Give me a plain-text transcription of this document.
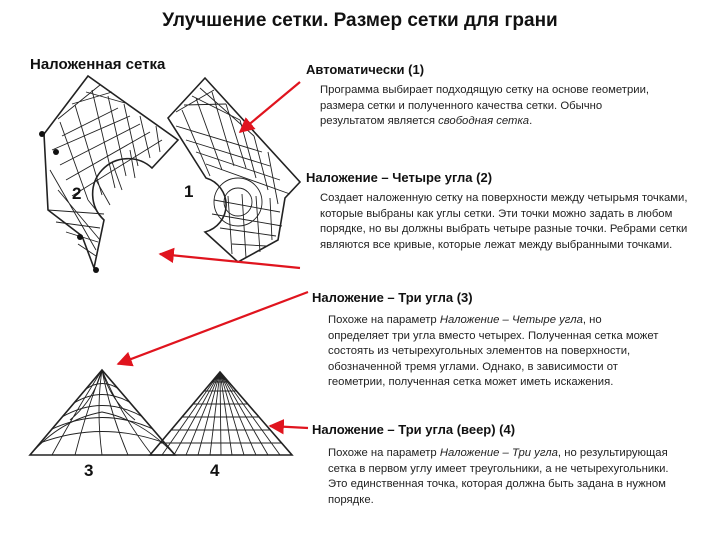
Улучшение сетки. Размер сетки для грани
Наложенная сетка
2	1
3	4
Автоматически (1)
Программа выбирает подходящую сетку на основе геометрии, размера сетки и полученного качества сетки. Обычно результатом является свободная сетка.
Наложение – Четыре угла (2)
Создает наложенную сетку на поверхности между четырьмя точками, которые выбраны как углы сетки. Эти точки можно задать в любом порядке, но вы должны выбрать четыре разные точки. Ребрами сетки являются все кривые, которые лежат между выбранными точками.
Наложение – Три угла (3)
Похоже на параметр Наложение – Четыре угла, но определяет три угла вместо четырех. Полученная сетка может состоять из четырехугольных элементов на поверхности, обозначенной тремя углами. Однако, в зависимости от геометрии, полученная сетка может иметь искажения.
Наложение – Три угла (веер) (4)
Похоже на параметр Наложение – Три угла, но результирующая сетка в первом углу имеет треугольники, а не четырехугольники. Это единственная точка, которая должна быть задана в нужном порядке.
